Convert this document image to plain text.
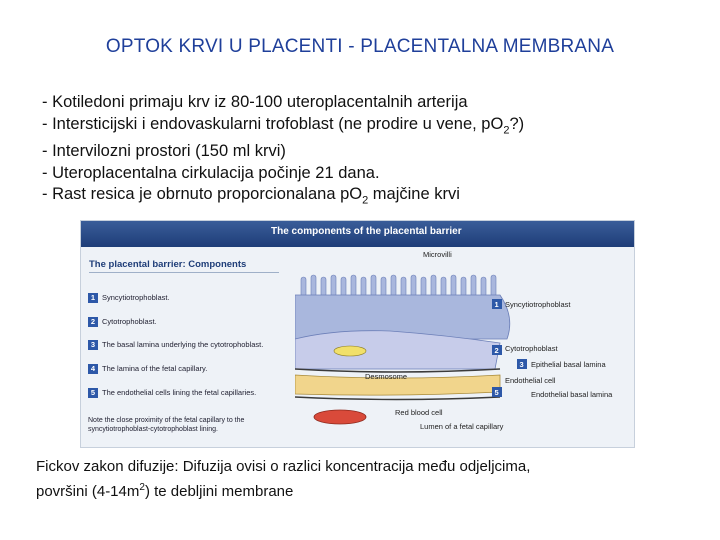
OPTOK KRVI U PLACENTI - PLACENTALNA MEMBRANA
- Kotiledoni primaju krv iz 80-100 uteroplacentalnih arterija
- Intersticijski i endovaskularni trofoblast (ne prodire u vene, $pO_2$?)
- Intervilozni prostori (150 ml krvi)
- Uteroplacentalna cirkulacija počinje 21 dana.
- Rast resica je obrnuto proporcionalana $pO_2$ majčine krvi
The components of the placental barrier
The placental barrier: Components
1 Syncytiotrophoblast.
2 Cytotrophoblast.
3 The basal lamina underlying the cytotrophoblast.
4 The lamina of the fetal capillary.
5 The endothelial cells lining the fetal capillaries.
Note the close proximity of the fetal capillary to the syncytiotrophoblast-cytotrophoblast lining.
1
2
3
5
Microvilli
Syncytiotrophoblast
Desmosome
Cytotrophoblast
Epithelial basal lamina
Endothelial cell
Endothelial basal lamina
Red blood cell
Lumen of a fetal capillary
Fickov zakon difuzije: Difuzija ovisi o razlici koncentracija među odjeljcima,
površini $(4-14m^2)$ te debljini membrane
